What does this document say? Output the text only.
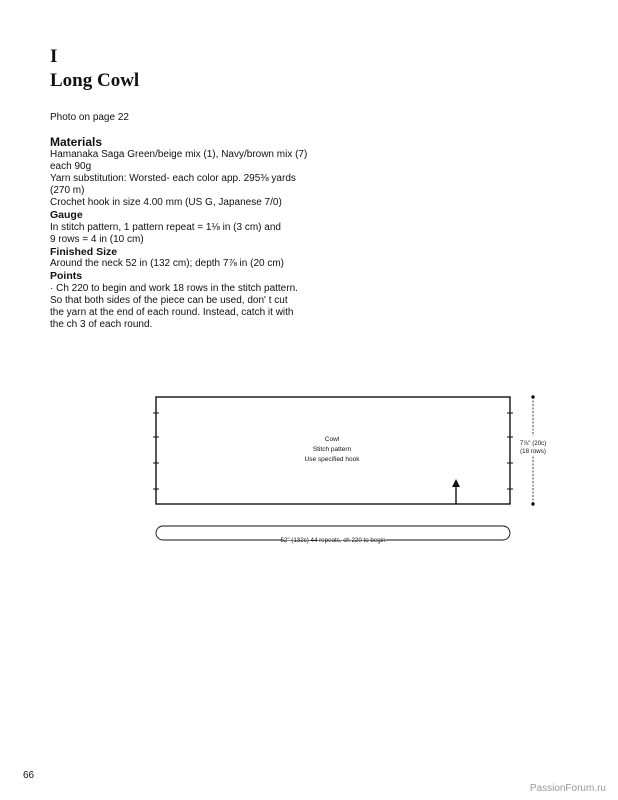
I
Long Cowl
Photo on page 22
Materials
Hamanaka Saga Green/beige mix (1), Navy/brown mix (7)
each 90g
Yarn substitution: Worsted- each color app. 295⅜ yards
(270 m)
Crochet hook in size 4.00 mm (US G, Japanese 7/0)
Gauge
In stitch pattern, 1 pattern repeat = 1⅛ in (3 cm) and
9 rows = 4 in (10 cm)
Finished Size
Around the neck 52 in (132 cm); depth 7⅞ in (20 cm)
Points
· Ch 220 to begin and work 18 rows in the stitch pattern.
So that both sides of the piece can be used, don' t cut
the yarn at the end of each round. Instead, catch it with
the ch 3 of each round.
Cowl
Stitch pattern
Use specified hook
7⅞" (20c)
(18 rows)
52" (132c) 44 repeats, ch 220 to begin
66
PassionForum.ru
